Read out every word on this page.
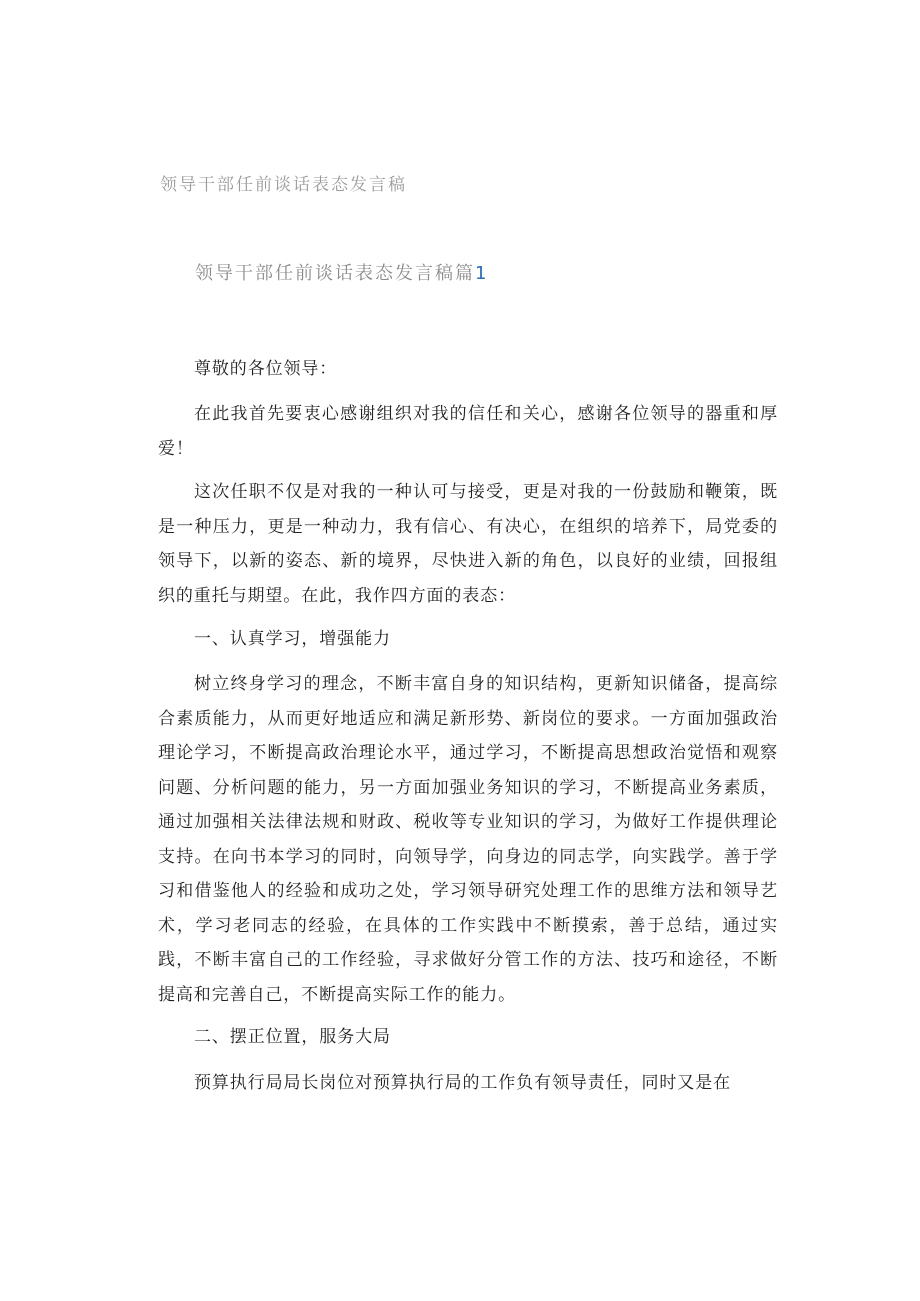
领导干部任前谈话表态发言稿
领导干部任前谈话表态发言稿篇1
尊敬的各位领导：
在此我首先要衷心感谢组织对我的信任和关心，感谢各位领导的器重和厚爱！
这次任职不仅是对我的一种认可与接受，更是对我的一份鼓励和鞭策，既是一种压力，更是一种动力，我有信心、有决心，在组织的培养下，局党委的领导下，以新的姿态、新的境界，尽快进入新的角色，以良好的业绩，回报组织的重托与期望。在此，我作四方面的表态：
一、认真学习，增强能力
树立终身学习的理念，不断丰富自身的知识结构，更新知识储备，提高综合素质能力，从而更好地适应和满足新形势、新岗位的要求。一方面加强政治理论学习，不断提高政治理论水平，通过学习，不断提高思想政治觉悟和观察问题、分析问题的能力，另一方面加强业务知识的学习，不断提高业务素质，通过加强相关法律法规和财政、税收等专业知识的学习，为做好工作提供理论支持。在向书本学习的同时，向领导学，向身边的同志学，向实践学。善于学习和借鉴他人的经验和成功之处，学习领导研究处理工作的思维方法和领导艺术，学习老同志的经验，在具体的工作实践中不断摸索，善于总结，通过实践，不断丰富自己的工作经验，寻求做好分管工作的方法、技巧和途径，不断提高和完善自己，不断提高实际工作的能力。
二、摆正位置，服务大局
预算执行局局长岗位对预算执行局的工作负有领导责任，同时又是在
